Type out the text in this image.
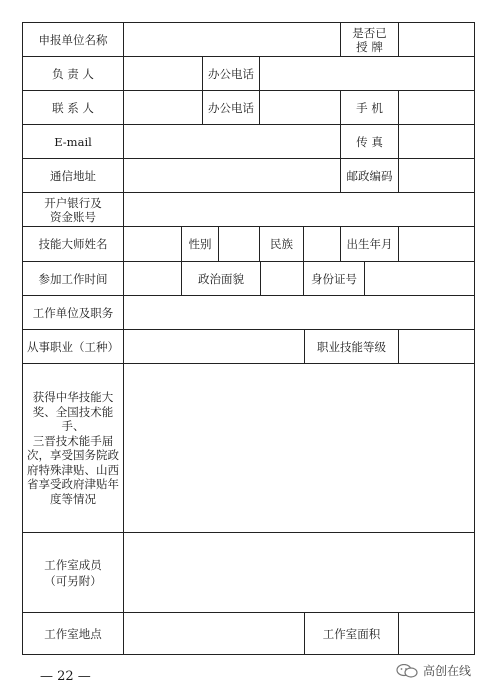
申报单位名称	是否已
授 牌
负 责 人	办公电话
联 系 人	办公电话	手 机
E-mail	传 真
通信地址	邮政编码
开户银行及
资金账号
技能大师姓名	性别	民族	出生年月
参加工作时间	政治面貌	身份证号
工作单位及职务
从事职业（工种）	职业技能等级
获得中华技能大
奖、全国技术能手、
三晋技术能手届
次，享受国务院政
府特殊津贴、山西
省享受政府津贴年
度等情况
工作室成员
（可另附）
工作室地点	工作室面积
— 22 —	高创在线
